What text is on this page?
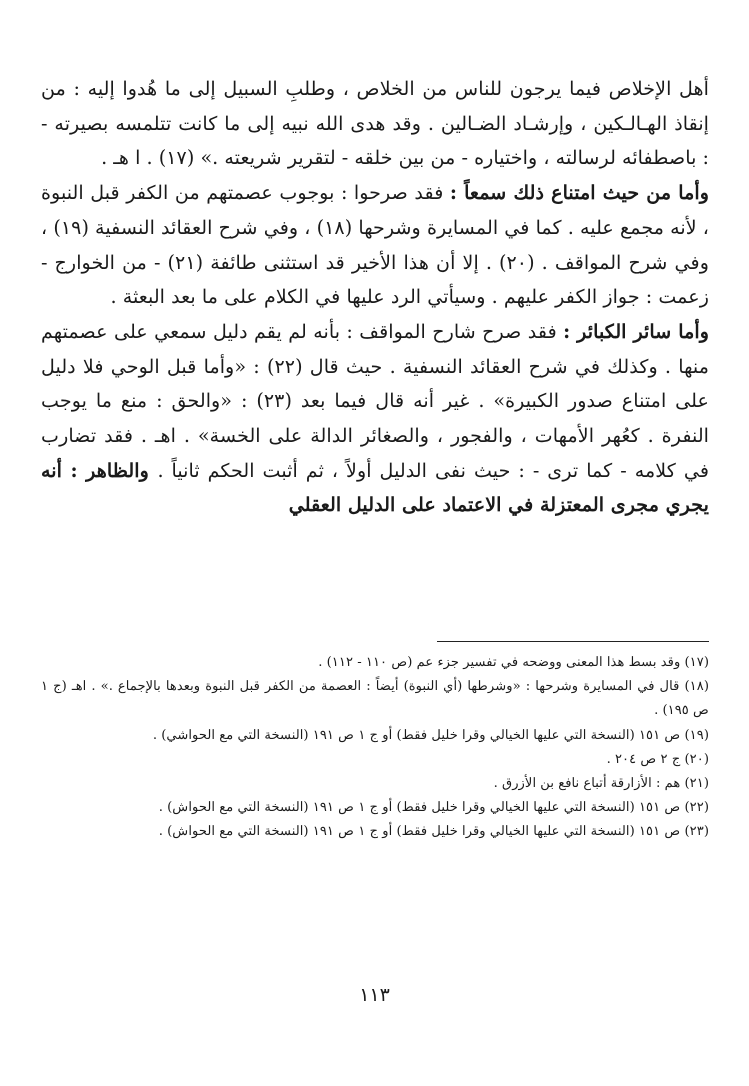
أهل الإخلاص فيما يرجون للناس من الخلاص ، وطلبِ السبيل إلى ما هُدوا إليه : من إنقاذ الهـالـكين ، وإرشـاد الضـالين . وقد هدى الله نبيه إلى ما كانت تتلمسه بصيرته - : باصطفائه لرسالته ، واختياره - من بين خلقه - لتقرير شريعته .» (١٧) . ا هـ .

وأما من حيث امتناع ذلك سمعاً : فقد صرحوا : بوجوب عصمتهم من الكفر قبل النبوة ، لأنه مجمع عليه . كما في المسايرة وشرحها (١٨) ، وفي شرح العقائد النسفية (١٩) ، وفي شرح المواقف . (٢٠) . إلا أن هذا الأخير قد استثنى طائفة (٢١) - من الخوارج - زعمت : جواز الكفر عليهم . وسيأتي الرد عليها في الكلام على ما بعد البعثة .

وأما سائر الكبائر : فقد صرح شارح المواقف : بأنه لم يقم دليل سمعي على عصمتهم منها . وكذلك في شرح العقائد النسفية . حيث قال (٢٢) : «وأما قبل الوحي فلا دليل على امتناع صدور الكبيرة» . غير أنه قال فيما بعد (٢٣) : «والحق : منع ما يوجب النفرة . كعُهر الأمهات ، والفجور ، والصغائر الدالة على الخسة» . اهـ . فقد تضارب في كلامه - كما ترى - : حيث نفى الدليل أولاً ، ثم أثبت الحكم ثانياً . والظاهر : أنه يجري مجرى المعتزلة في الاعتماد على الدليل العقلي

(١٧) وقد بسط هذا المعنى ووضحه في تفسير جزء عم (ص ١١٠ - ١١٢) .

(١٨) قال في المسايرة وشرحها : «وشرطها (أي النبوة) أيضاً : العصمة من الكفر قبل النبوة وبعدها بالإجماع .» . اهـ (ج ١ ص ١٩٥) .

(١٩) ص ١٥١ (النسخة التي عليها الخيالي وقرا خليل فقط) أو ج ١ ص ١٩١ (النسخة التي مع الحواشي) .

(٢٠) ج ٢ ص ٢٠٤ .

(٢١) هم : الأزارقة أتباع نافع بن الأزرق .

(٢٢) ص ١٥١ (النسخة التي عليها الخيالي وقرا خليل فقط) أو ج ١ ص ١٩١ (النسخة التي مع الحواش) .

(٢٣) ص ١٥١ (النسخة التي عليها الخيالي وقرا خليل فقط) أو ج ١ ص ١٩١ (النسخة التي مع الحواش) .

١١٣
